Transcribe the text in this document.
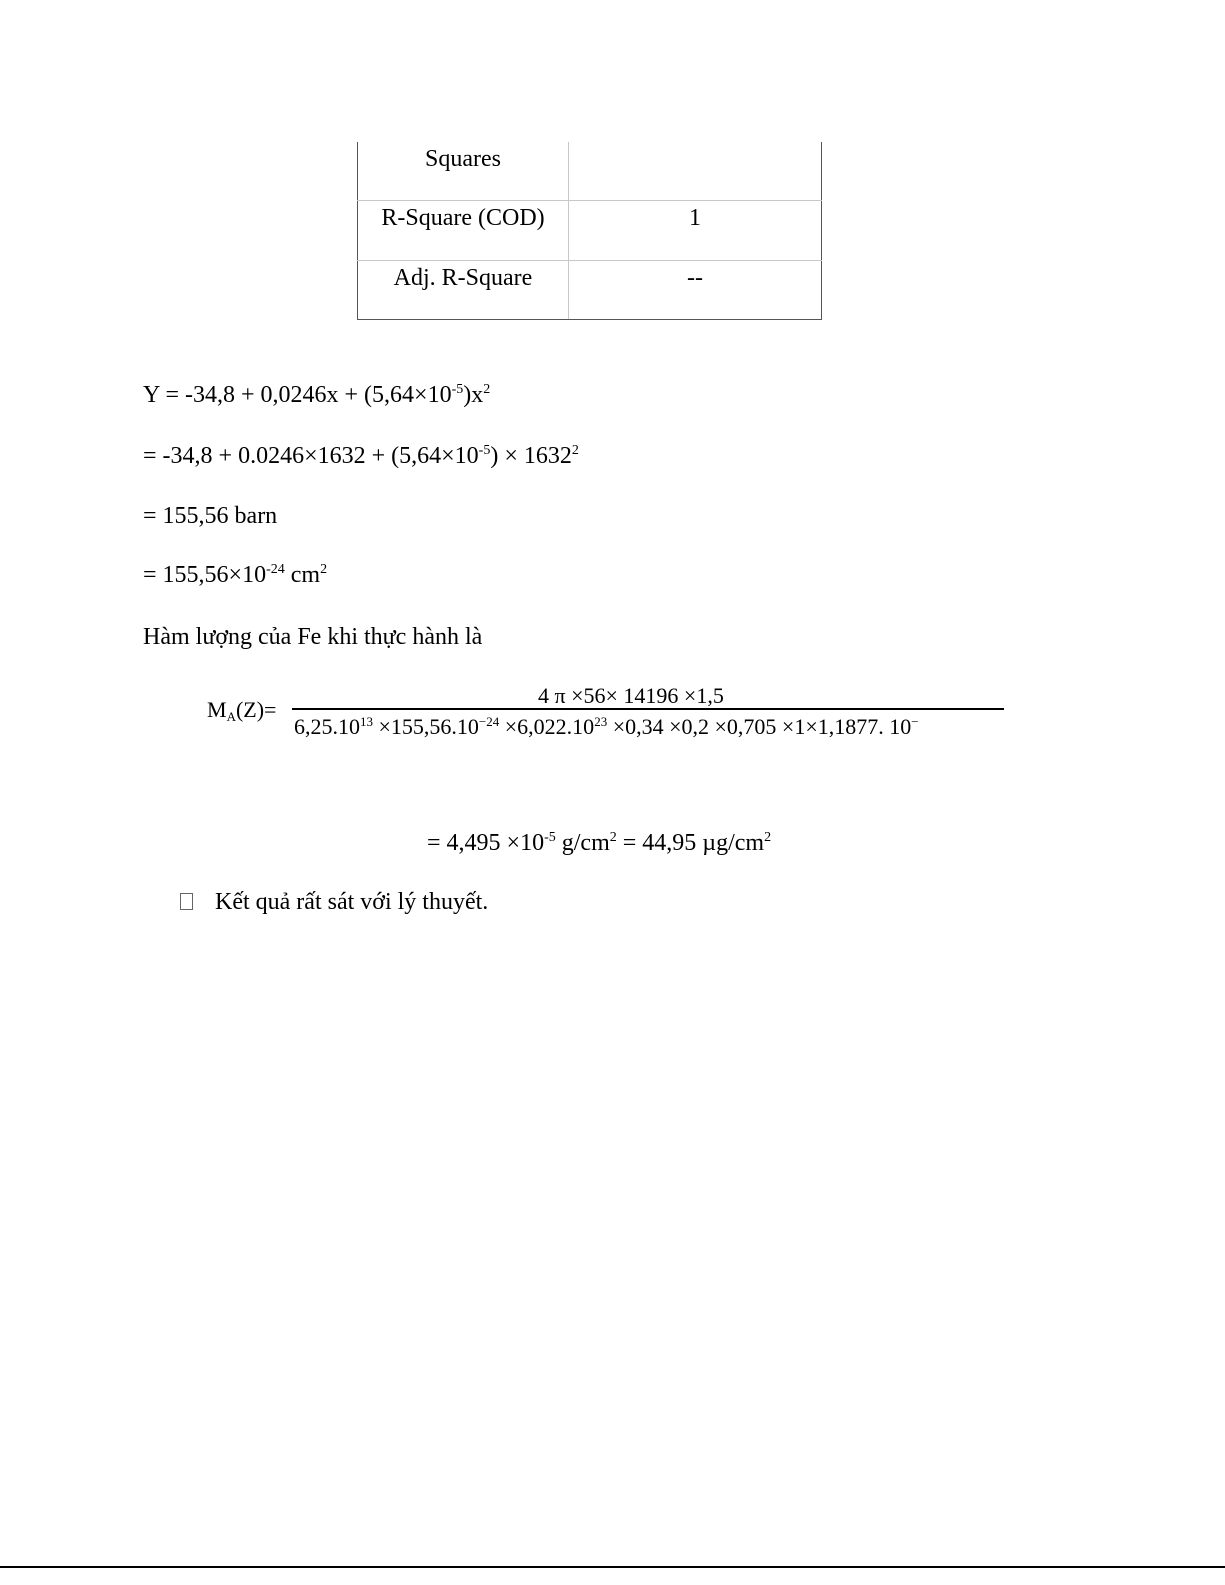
Squares	
R-Square (COD)	1
Adj. R-Square	--
$Y = -34,8 + 0,0246x + (5,64\times 10^{-5})x^2$
= $-34,8 + 0.0246\times 1632 + (5,64\times 10^{-5}) \times 1632^2$
= 155,56 barn
= $155,56\times 10^{-24}$ $cm^2$
Hàm lượng của Fe khi thực hành là
$M_A(Z)=$
4 π ×56× 14196 ×1,5
$6,25.10^{13} \times 155,56.10^{-24} \times 6,022.10^{23} \times 0,34 \times 0,2 \times 0,705 \times 1\times 1,1877$. 10−
= $4,495 \times 10^{-5}$ $g/cm^2 = 44,95$ $\mu g/cm^2$
Kết quả rất sát với lý thuyết.
